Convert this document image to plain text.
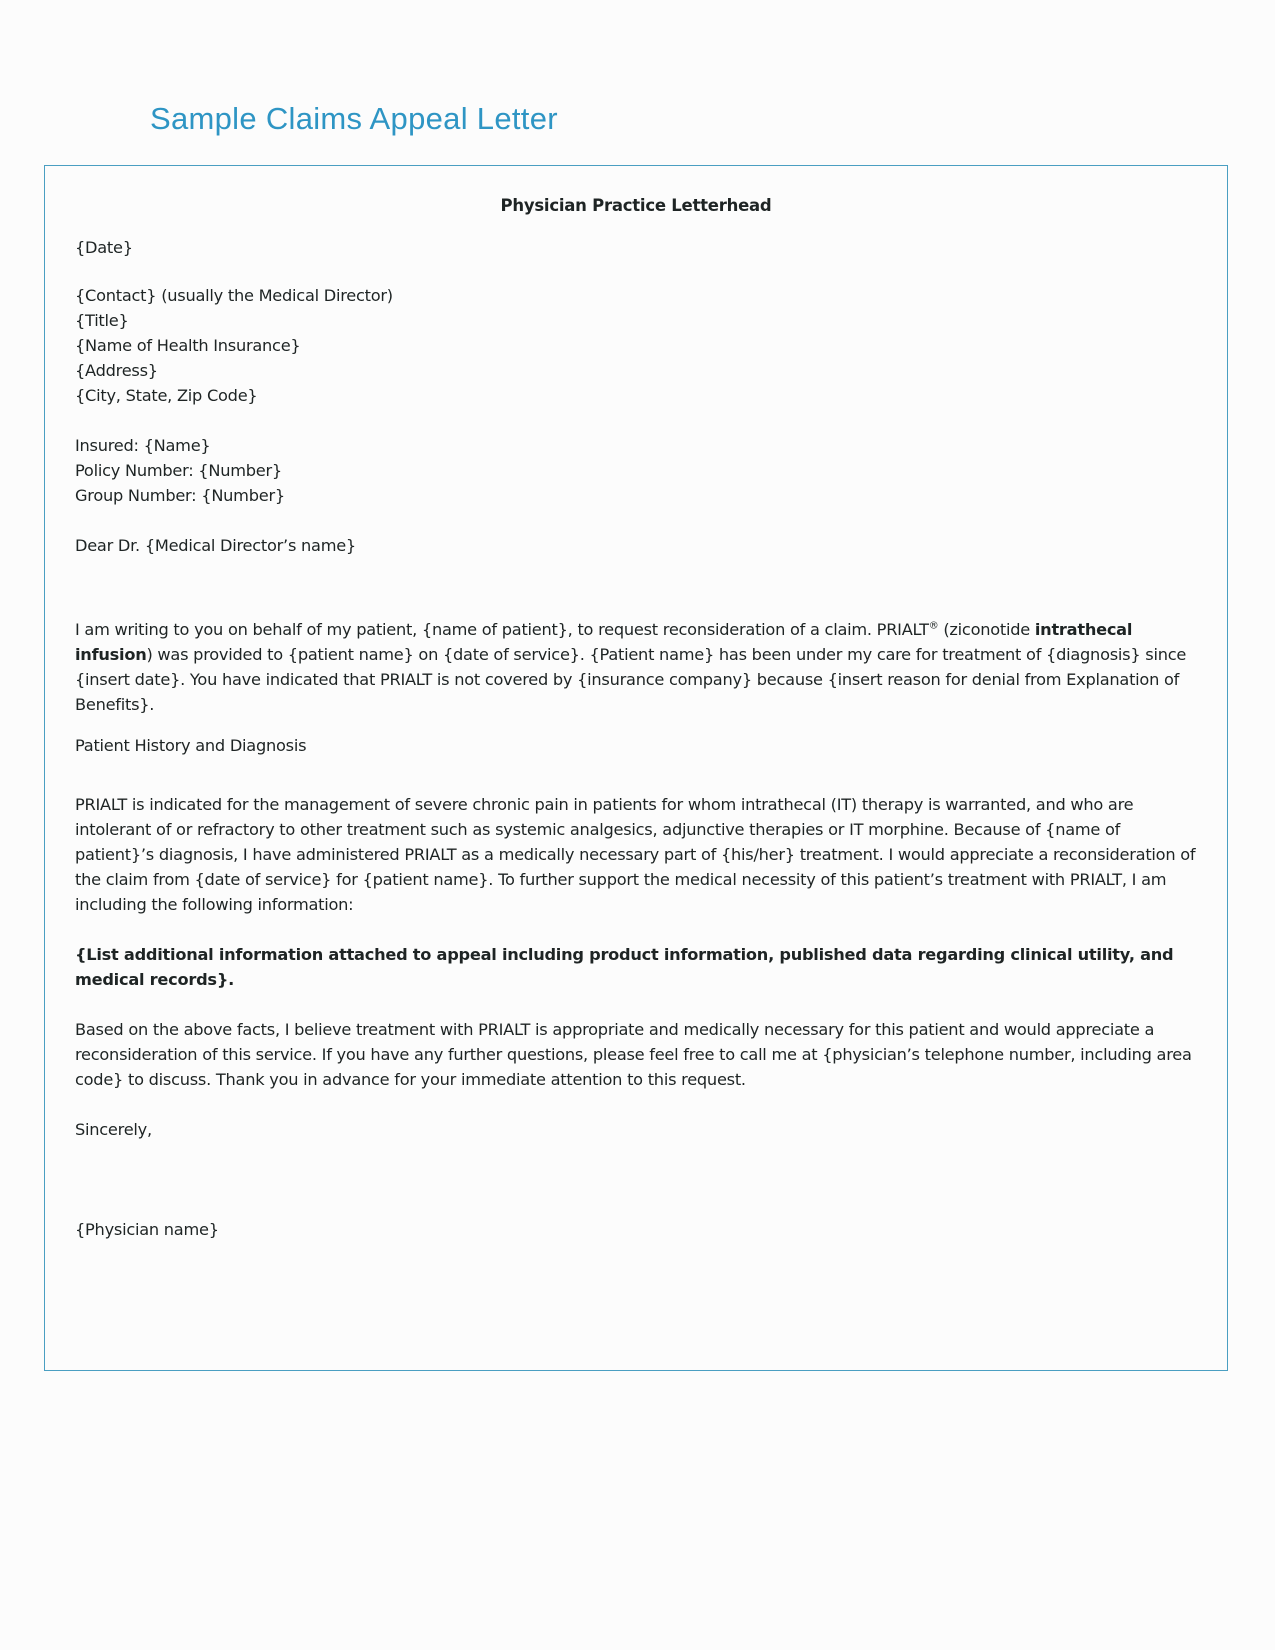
Sample Claims Appeal Letter
Physician Practice Letterhead

{Date}

{Contact} (usually the Medical Director)

{Title}

{Name of Health Insurance}

{Address}

{City, State, Zip Code}

Insured: {Name}

Policy Number: {Number}

Group Number: {Number}

Dear Dr. {Medical Director’s name}

I am writing to you on behalf of my patient, {name of patient}, to request reconsideration of a claim. PRIALT® (ziconotide intrathecal infusion) was provided to {patient name} on {date of service}. {Patient name} has been under my care for treatment of {diagnosis} since {insert date}. You have indicated that PRIALT is not covered by {insurance company} because {insert reason for denial from Explanation of Benefits}.

Patient History and Diagnosis

PRIALT is indicated for the management of severe chronic pain in patients for whom intrathecal (IT) therapy is warranted, and who are intolerant of or refractory to other treatment such as systemic analgesics, adjunctive therapies or IT morphine. Because of {name of patient}’s diagnosis, I have administered PRIALT as a medically necessary part of {his/her} treatment. I would appreciate a reconsideration of the claim from {date of service} for {patient name}. To further support the medical necessity of this patient’s treatment with PRIALT, I am including the following information:

{List additional information attached to appeal including product information, published data regarding clinical utility, and medical records}.

Based on the above facts, I believe treatment with PRIALT is appropriate and medically necessary for this patient and would appreciate a reconsideration of this service. If you have any further questions, please feel free to call me at {physician’s telephone number, including area code} to discuss. Thank you in advance for your immediate attention to this request.

Sincerely,

{Physician name}
